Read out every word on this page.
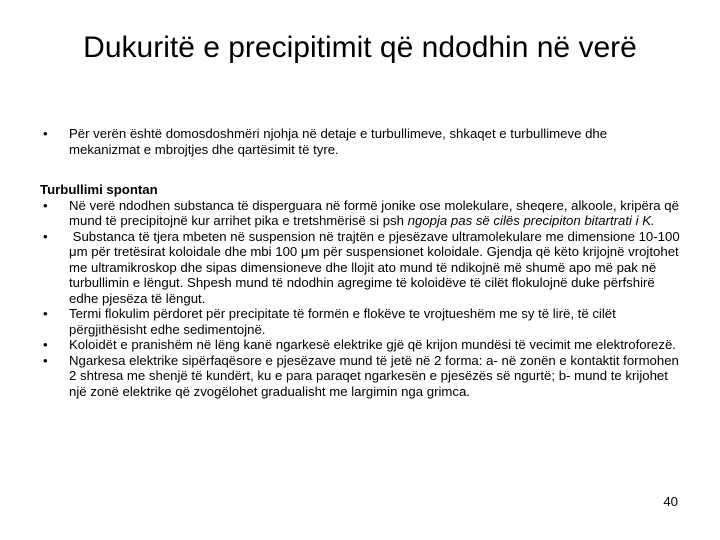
Dukuritë e precipitimit që ndodhin në verë
•	Për verën është domosdoshmëri njohja në detaje e turbullimeve, shkaqet e turbullimeve dhe mekanizmat e mbrojtjes dhe qartësimit të tyre.

Turbullimi spontan

•	Në verë ndodhen substanca të disperguara në formë jonike ose molekulare, sheqere, alkoole, kripëra që mund të precipitojnë kur arrihet pika e tretshmërisë si psh ngopja pas së cilës precipiton bitartrati i K.
•	Substanca të tjera mbeten në suspension në trajtën e pjesëzave ultramolekulare me dimensione 10-100 μm për tretësirat koloidale dhe mbi 100 μm për suspensionet koloidale. Gjendja që këto krijojnë vrojtohet me ultramikroskop dhe sipas dimensioneve dhe llojit ato mund të ndikojnë më shumë apo më pak në turbullimin e lëngut. Shpesh mund të ndodhin agregime të koloidëve të cilët flokulojnë duke përfshirë edhe pjesëza të lëngut.
•	Termi flokulim përdoret për precipitate të formën e flokëve te vrojtueshëm me sy të lirë, të cilët përgjithësisht edhe sedimentojnë.
•	Koloidët e pranishëm në lëng kanë ngarkesë elektrike gjë që krijon mundësi të vecimit me elektroforezë.
•	Ngarkesa elektrike sipërfaqësore e pjesëzave mund të jetë në 2 forma: a- në zonën e kontaktit formohen 2 shtresa me shenjë të kundërt, ku e para paraqet ngarkesën e pjesëzës së ngurtë; b- mund te krijohet një zonë elektrike që zvogëlohet gradualisht me largimin nga grimca.
40
